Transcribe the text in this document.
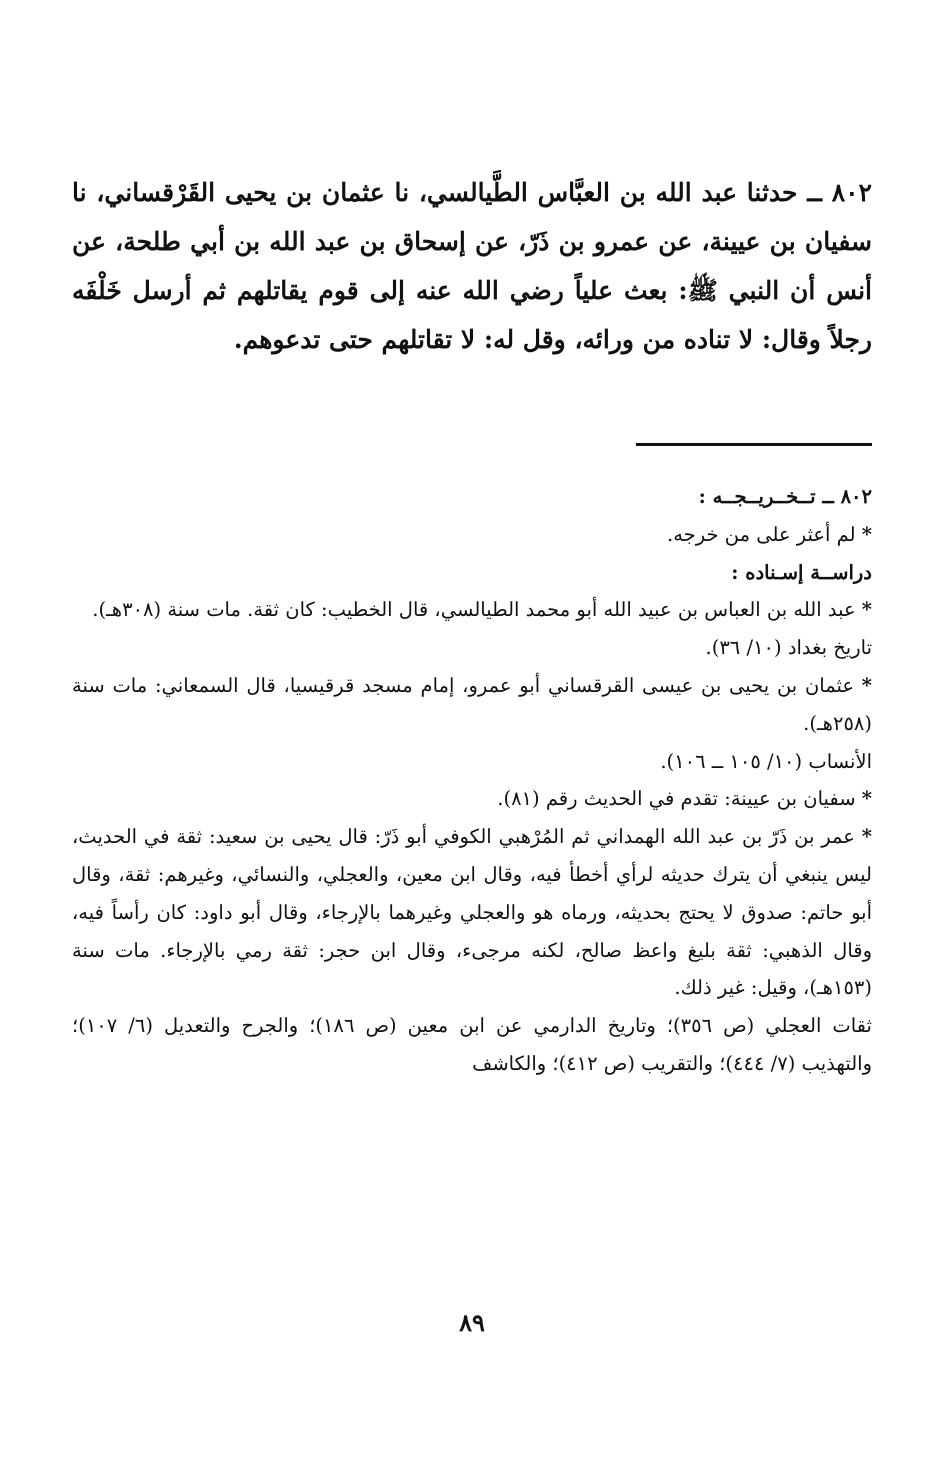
٨٠٢ ــ حدثنا عبد الله بن العبَّاس الطَّيالسي، نا عثمان بن يحيى القَرْقساني، نا سفيان بن عيينة، عن عمرو بن ذَرّ، عن إسحاق بن عبد الله بن أبي طلحة، عن أنس أن النبي ﷺ: بعث علياً رضي الله عنه إلى قوم يقاتلهم ثم أرسل خَلْفَه رجلاً وقال: لا تناده من ورائه، وقل له: لا تقاتلهم حتى تدعوهم.

٨٠٢ ــ تــخــريــجــه :

* لم أعثر على من خرجه.

دراســة إسـناده :

* عبد الله بن العباس بن عبيد الله أبو محمد الطيالسي، قال الخطيب: كان ثقة. مات سنة (٣٠٨هـ).

تاريخ بغداد (١٠/ ٣٦).

* عثمان بن يحيى بن عيسى القرقساني أبو عمرو، إمام مسجد قرقيسيا، قال السمعاني: مات سنة (٢٥٨هـ).

الأنساب (١٠/ ١٠٥ ــ ١٠٦).

* سفيان بن عيينة: تقدم في الحديث رقم (٨١).

* عمر بن ذَرّ بن عبد الله الهمداني ثم المُرْهبي الكوفي أبو ذَرّ: قال يحيى بن سعيد: ثقة في الحديث، ليس ينبغي أن يترك حديثه لرأي أخطأ فيه، وقال ابن معين، والعجلي، والنسائي، وغيرهم: ثقة، وقال أبو حاتم: صدوق لا يحتج بحديثه، ورماه هو والعجلي وغيرهما بالإرجاء، وقال أبو داود: كان رأساً فيه، وقال الذهبي: ثقة بليغ واعظ صالح، لكنه مرجىء، وقال ابن حجر: ثقة رمي بالإرجاء. مات سنة (١٥٣هـ)، وقيل: غير ذلك.

ثقات العجلي (ص ٣٥٦)؛ وتاريخ الدارمي عن ابن معين (ص ١٨٦)؛ والجرح والتعديل (٦/ ١٠٧)؛ والتهذيب (٧/ ٤٤٤)؛ والتقريب (ص ٤١٢)؛ والكاشف

٨٩
